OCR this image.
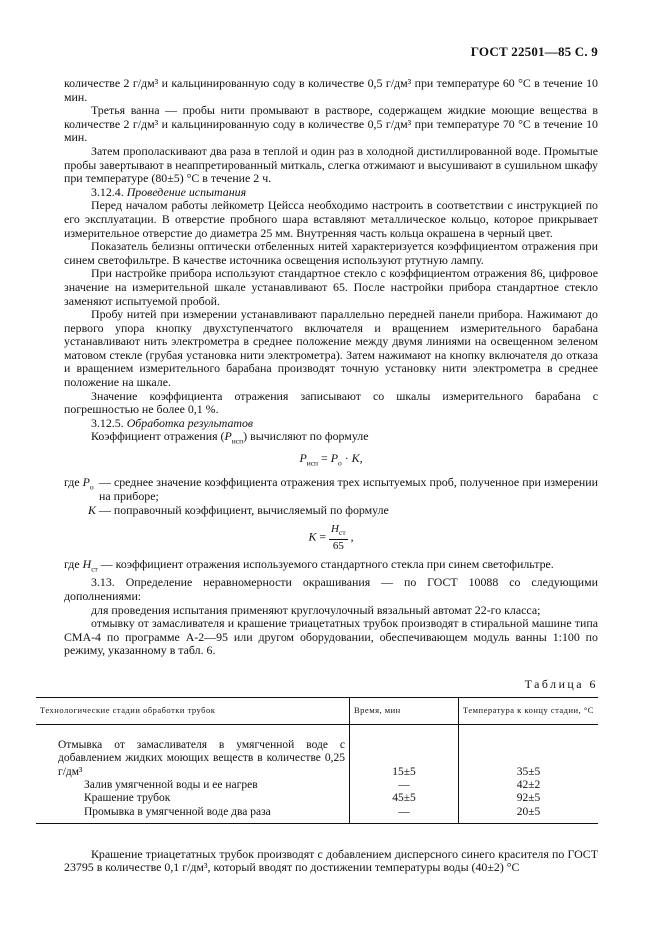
ГОСТ 22501—85 С. 9

количестве 2 г/дм³ и кальцинированную соду в количестве 0,5 г/дм³ при температуре 60 °С в течение 10 мин.

Третья ванна — пробы нити промывают в растворе, содержащем жидкие моющие вещества в количестве 2 г/дм³ и кальцинированную соду в количестве 0,5 г/дм³ при температуре 70 °С в течение 10 мин.

Затем прополаскивают два раза в теплой и один раз в холодной дистиллированной воде. Промытые пробы завертывают в неаппретированный миткаль, слегка отжимают и высушивают в сушильном шкафу при температуре (80±5) °С в течение 2 ч.

3.12.4. Проведение испытания

Перед началом работы лейкометр Цейсса необходимо настроить в соответствии с инструкцией по его эксплуатации. В отверстие пробного шара вставляют металлическое кольцо, которое прикрывает измерительное отверстие до диаметра 25 мм. Внутренняя часть кольца окрашена в черный цвет.

Показатель белизны оптически отбеленных нитей характеризуется коэффициентом отражения при синем светофильтре. В качестве источника освещения используют ртутную лампу.

При настройке прибора используют стандартное стекло с коэффициентом отражения 86, цифровое значение на измерительной шкале устанавливают 65. После настройки прибора стандартное стекло заменяют испытуемой пробой.

Пробу нитей при измерении устанавливают параллельно передней панели прибора. Нажимают до первого упора кнопку двухступенчатого включателя и вращением измерительного барабана устанавливают нить электрометра в среднее положение между двумя линиями на освещенном зеленом матовом стекле (грубая установка нити электрометра). Затем нажимают на кнопку включателя до отказа и вращением измерительного барабана производят точную установку нити электрометра в среднее положение на шкале.

Значение коэффициента отражения записывают со шкалы измерительного барабана с погрешностью не более 0,1 %.

3.12.5. Обработка результатов

Коэффициент отражения $(P_{исп})$ вычисляют по формуле

$P_{исп} = P_о \cdot K$,
где $P_о$ — среднее значение коэффициента отражения трех испытуемых проб, полученное при измерении на приборе;
K — поправочный коэффициент, вычисляемый по формуле
$K = \frac{H_{ст}}{65}$ ,

где $H_{ст}$ — коэффициент отражения используемого стандартного стекла при синем светофильтре.

3.13. Определение неравномерности окрашивания — по ГОСТ 10088 со следующими дополнениями:

для проведения испытания применяют круглочулочный вязальный автомат 22-го класса;

отмывку от замасливателя и крашение триацетатных трубок производят в стиральной машине типа СМА-4 по программе А-2—95 или другом оборудовании, обеспечивающем модуль ванны 1:100 по режиму, указанному в табл. 6.

Таблица 6
Технологические стадии обработки трубок	Время, мин	Температура к концу стадии, °С
Отмывка от замасливателя в умягченной воде с добавлением жидких моющих веществ в количестве 0,25 г/дм³	15±5	35±5
Залив умягченной воды и ее нагрев	—	42±2
Крашение трубок	45±5	92±5
Промывка в умягченной воде два раза	—	20±5

Крашение триацетатных трубок производят с добавлением дисперсного синего красителя по ГОСТ 23795 в количестве 0,1 г/дм³, который вводят по достижении температуры воды (40±2) °С
